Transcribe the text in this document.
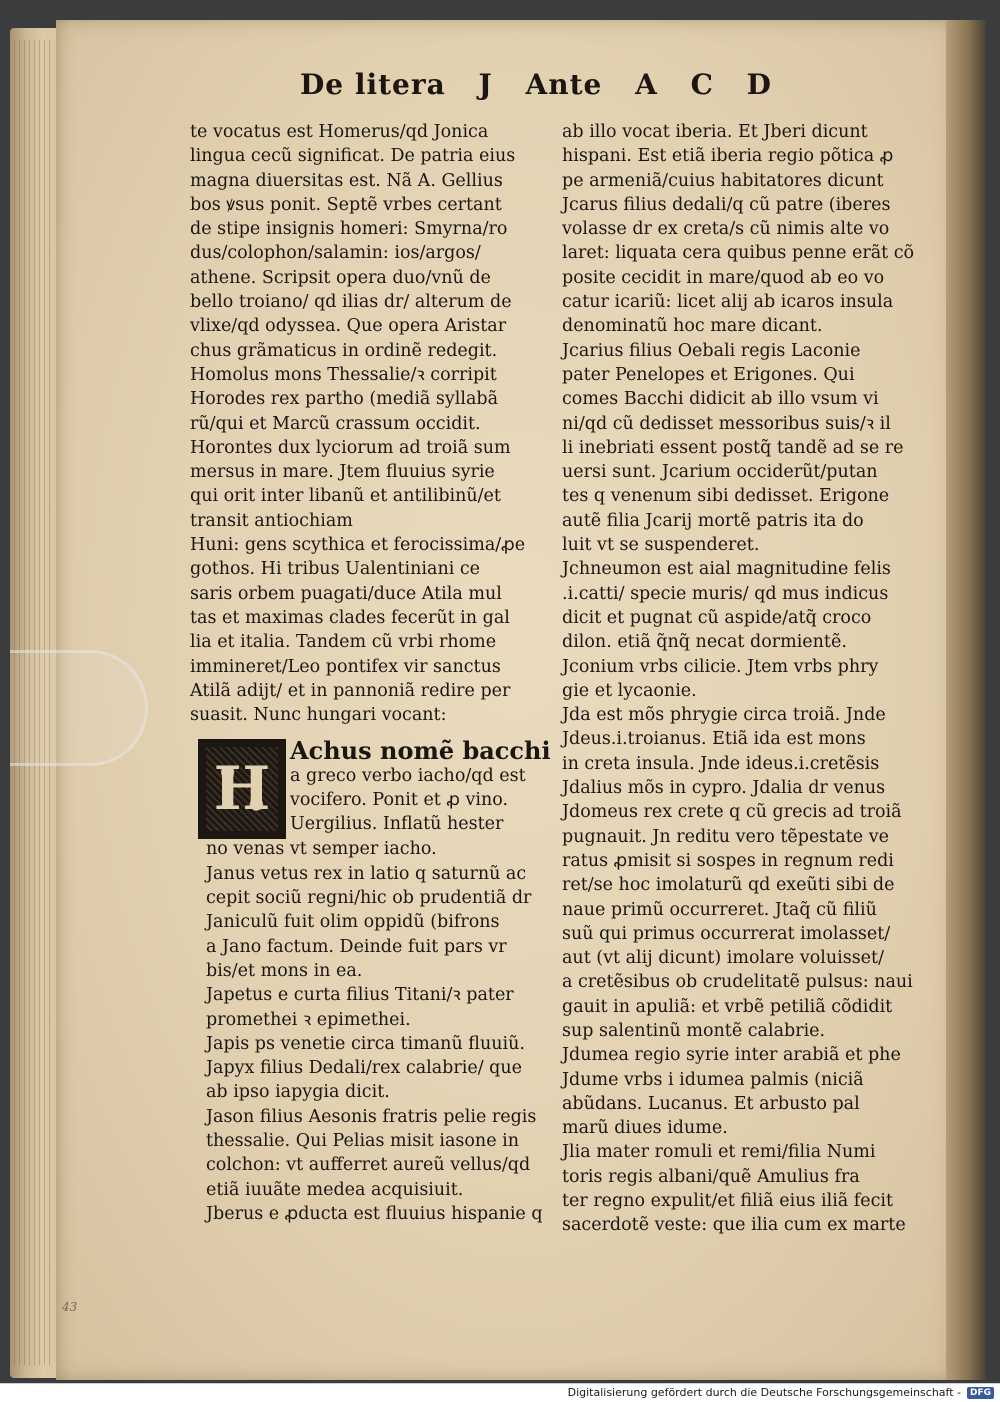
43
De litera J Ante A C D
te vocatus est Homerus/qd Jonica
lingua cecũ significat. De patria eius
magna diuersitas est. Nã A. Gellius
bos ꝟsus ponit. Septẽ vrbes certant
de stipe insignis homeri: Smyrna/ro
dus/colophon/salamin: ios/argos/
athene. Scripsit opera duo/vnũ de
bello troiano/ qd ilias dr/ alterum de
vlixe/qd odyssea. Que opera Aristar
chus grãmaticus in ordinẽ redegit.
Homolus mons Thessalie/ꝛ corripit
Horodes rex partho (mediã syllabã
rũ/qui et Marcũ crassum occidit.
Horontes dux lyciorum ad troiã sum
mersus in mare. Jtem fluuius syrie
qui orit inter libanũ et antilibinũ/et
transit antiochiam
Huni: gens scythica et ferocissima/ꝓe
gothos. Hi tribus Ualentiniani ce
saris orbem puagati/duce Atila mul
tas et maximas clades fecerũt in gal
lia et italia. Tandem cũ vrbi rhome
immineret/Leo pontifex vir sanctus
Atilã adijt/ et in pannoniã redire per
suasit. Nunc hungari vocant:
H
Achus nomẽ bacchi
a greco verbo iacho/qd est
vocifero. Ponit et ꝓ vino.
Uergilius. Inflatũ hester
no venas vt semper iacho.
Janus vetus rex in latio q saturnũ ac
cepit sociũ regni/hic ob prudentiã dr
Janiculũ fuit olim oppidũ (bifrons
a Jano factum. Deinde fuit pars vr
bis/et mons in ea.
Japetus e curta filius Titani/ꝛ pater
promethei ꝛ epimethei.
Japis ps venetie circa timanũ fluuiũ.
Japyx filius Dedali/rex calabrie/ que
ab ipso iapygia dicit.
Jason filius Aesonis fratris pelie regis
thessalie. Qui Pelias misit iasone in
colchon: vt aufferret aureũ vellus/qd
etiã iuuãte medea acquisiuit.
Jberus e ꝓducta est fluuius hispanie q
ab illo vocat iberia. Et Jberi dicunt
hispani. Est etiã iberia regio põtica ꝓ
pe armeniã/cuius habitatores dicunt
Jcarus filius dedali/q cũ patre (iberes
volasse dr ex creta/s cũ nimis alte vo
laret: liquata cera quibus penne erãt cõ
posite cecidit in mare/quod ab eo vo
catur icariũ: licet alij ab icaros insula
denominatũ hoc mare dicant.
Jcarius filius Oebali regis Laconie
pater Penelopes et Erigones. Qui
comes Bacchi didicit ab illo vsum vi
ni/qd cũ dedisset messoribus suis/ꝛ il
li inebriati essent postq̃ tandẽ ad se re
uersi sunt. Jcarium occiderũt/putan
tes q venenum sibi dedisset. Erigone
autẽ filia Jcarij mortẽ patris ita do
luit vt se suspenderet.
Jchneumon est aial magnitudine felis
.i.catti/ specie muris/ qd mus indicus
dicit et pugnat cũ aspide/atq̃ croco
dilon. etiã q̃nq̃ necat dormientẽ.
Jconium vrbs cilicie. Jtem vrbs phry
gie et lycaonie.
Jda est mõs phrygie circa troiã. Jnde
Jdeus.i.troianus. Etiã ida est mons
in creta insula. Jnde ideus.i.cretẽsis
Jdalius mõs in cypro. Jdalia dr venus
Jdomeus rex crete q cũ grecis ad troiã
pugnauit. Jn reditu vero tẽpestate ve
ratus ꝓmisit si sospes in regnum redi
ret/se hoc imolaturũ qd exeũti sibi de
naue primũ occurreret. Jtaq̃ cũ filiũ
suũ qui primus occurrerat imolasset/
aut (vt alij dicunt) imolare voluisset/
a cretẽsibus ob crudelitatẽ pulsus: naui
gauit in apuliã: et vrbẽ petiliã cõdidit
sup salentinũ montẽ calabrie.
Jdumea regio syrie inter arabiã et phe
Jdume vrbs i idumea palmis (niciã
abũdans. Lucanus. Et arbusto pal
marũ diues idume.
Jlia mater romuli et remi/filia Numi
toris regis albani/quẽ Amulius fra
ter regno expulit/et filiã eius iliã fecit
sacerdotẽ veste: que ilia cum ex marte
Digitalisierung gefördert durch die Deutsche Forschungsgemeinschaft - DFG
